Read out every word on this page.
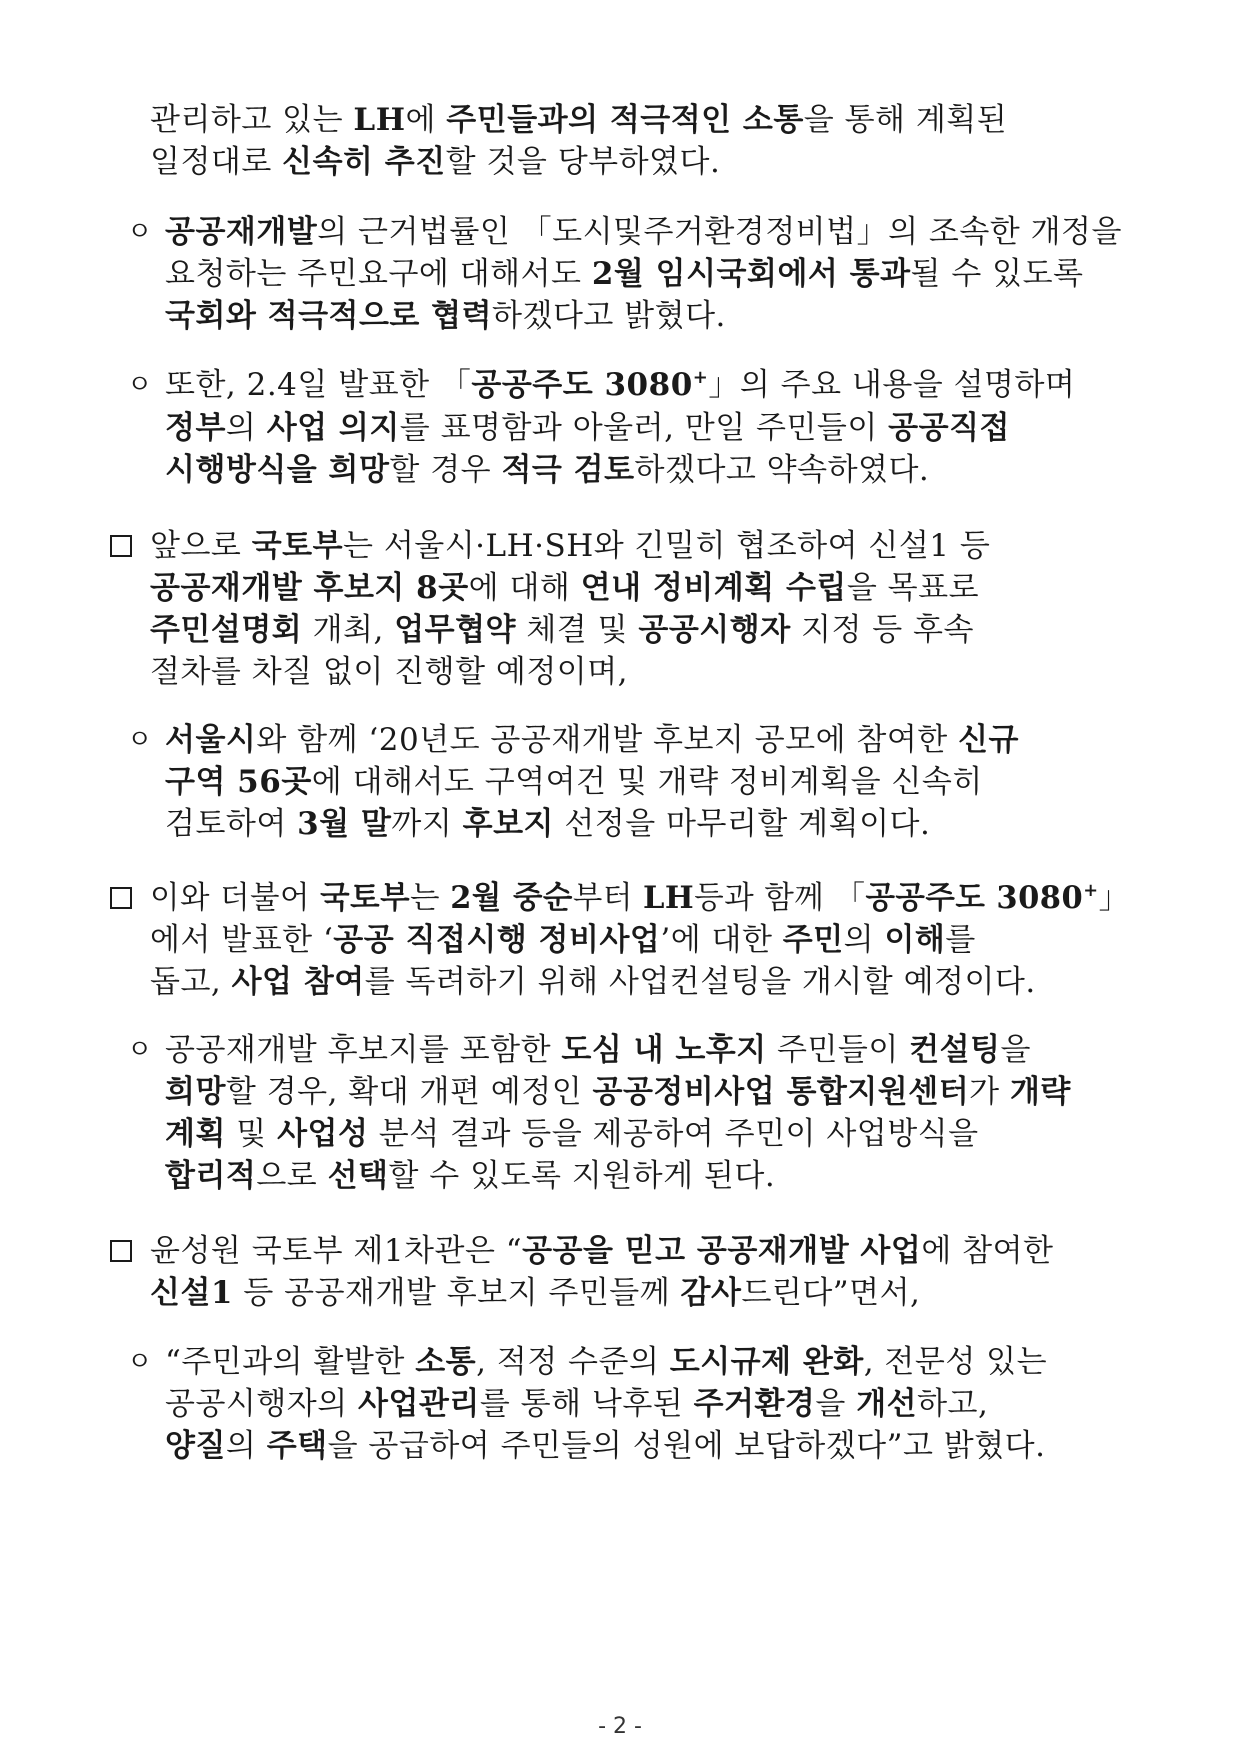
ㅇ
ㅇ
ㅇ
ㅇ
ㅇ
관리하고 있는 LH에 주민들과의 적극적인 소통을 통해 계획된
일정대로 신속히 추진할 것을 당부하였다.
공공재개발의 근거법률인 「도시및주거환경정비법」의 조속한 개정을
요청하는 주민요구에 대해서도 2월 임시국회에서 통과될 수 있도록
국회와 적극적으로 협력하겠다고 밝혔다.
또한, 2.4일 발표한 「공공주도 3080+」의 주요 내용을 설명하며
정부의 사업 의지를 표명함과 아울러, 만일 주민들이 공공직접
시행방식을 희망할 경우 적극 검토하겠다고 약속하였다.
앞으로 국토부는 서울시·LH·SH와 긴밀히 협조하여 신설1 등
공공재개발 후보지 8곳에 대해 연내 정비계획 수립을 목표로
주민설명회 개최, 업무협약 체결 및 공공시행자 지정 등 후속
절차를 차질 없이 진행할 예정이며,
서울시와 함께 ‘20년도 공공재개발 후보지 공모에 참여한 신규
구역 56곳에 대해서도 구역여건 및 개략 정비계획을 신속히
검토하여 3월 말까지 후보지 선정을 마무리할 계획이다.
이와 더불어 국토부는 2월 중순부터 LH등과 함께 「공공주도 3080+」
에서 발표한 ‘공공 직접시행 정비사업’에 대한 주민의 이해를
돕고, 사업 참여를 독려하기 위해 사업컨설팅을 개시할 예정이다.
공공재개발 후보지를 포함한 도심 내 노후지 주민들이 컨설팅을
희망할 경우, 확대 개편 예정인 공공정비사업 통합지원센터가 개략
계획 및 사업성 분석 결과 등을 제공하여 주민이 사업방식을
합리적으로 선택할 수 있도록 지원하게 된다.
윤성원 국토부 제1차관은 “공공을 믿고 공공재개발 사업에 참여한
신설1 등 공공재개발 후보지 주민들께 감사드린다”면서,
“주민과의 활발한 소통, 적정 수준의 도시규제 완화, 전문성 있는
공공시행자의 사업관리를 통해 낙후된 주거환경을 개선하고,
양질의 주택을 공급하여 주민들의 성원에 보답하겠다”고 밝혔다.
- 2 -
